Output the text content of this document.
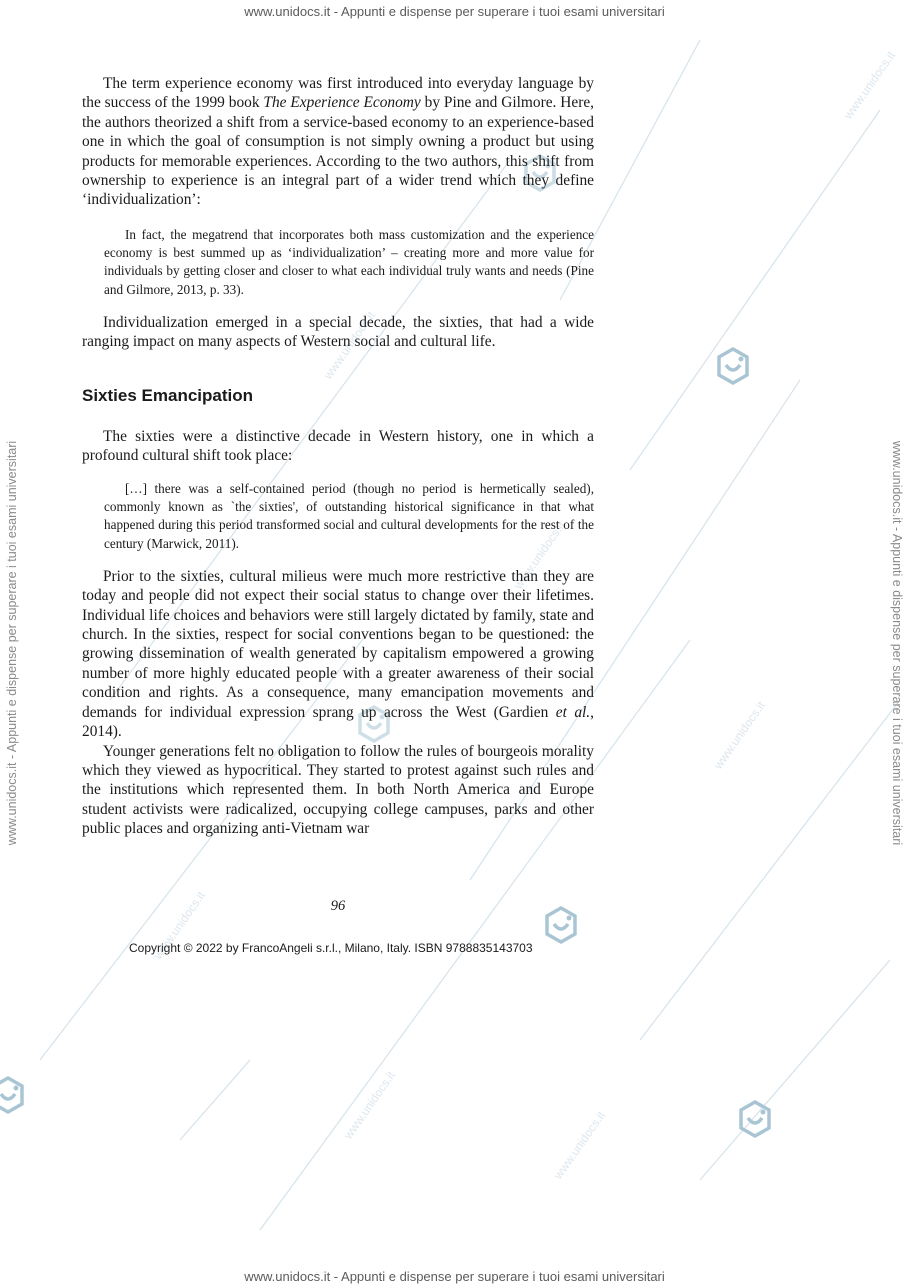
www.unidocs.it
www.unidocs.it
www.unidocs.it
www.unidocs.it
www.unidocs.it
www.unidocs.it
www.unidocs.it
www.unidocs.it - Appunti e dispense per superare i tuoi esami universitari
www.unidocs.it - Appunti e dispense per superare i tuoi esami universitari
www.unidocs.it - Appunti e dispense per superare i tuoi esami universitari	www.unidocs.it - Appunti e dispense per superare i tuoi esami universitari

The term experience economy was first introduced into everyday language by the success of the 1999 book The Experience Economy by Pine and Gilmore. Here, the authors theorized a shift from a service-based economy to an experience-based one in which the goal of consumption is not simply owning a product but using products for memorable experiences. According to the two authors, this shift from ownership to experience is an integral part of a wider trend which they define ‘individualization’:

In fact, the megatrend that incorporates both mass customization and the experience economy is best summed up as ‘individualization’ – creating more and more value for individuals by getting closer and closer to what each individual truly wants and needs (Pine and Gilmore, 2013, p. 33).

Individualization emerged in a special decade, the sixties, that had a wide ranging impact on many aspects of Western social and cultural life.

Sixties Emancipation

The sixties were a distinctive decade in Western history, one in which a profound cultural shift took place:

[…] there was a self-contained period (though no period is hermetically sealed), commonly known as `the sixties', of outstanding historical significance in that what happened during this period transformed social and cultural developments for the rest of the century (Marwick, 2011).

Prior to the sixties, cultural milieus were much more restrictive than they are today and people did not expect their social status to change over their lifetimes. Individual life choices and behaviors were still largely dictated by family, state and church. In the sixties, respect for social conventions began to be questioned: the growing dissemination of wealth generated by capitalism empowered a growing number of more highly educated people with a greater awareness of their social condition and rights. As a consequence, many emancipation movements and demands for individual expression sprang up across the West (Gardien et al., 2014).

Younger generations felt no obligation to follow the rules of bourgeois morality which they viewed as hypocritical. They started to protest against such rules and the institutions which represented them. In both North America and Europe student activists were radicalized, occupying college campuses, parks and other public places and organizing anti-Vietnam war

96
Copyright © 2022 by FrancoAngeli s.r.l., Milano, Italy. ISBN 9788835143703
